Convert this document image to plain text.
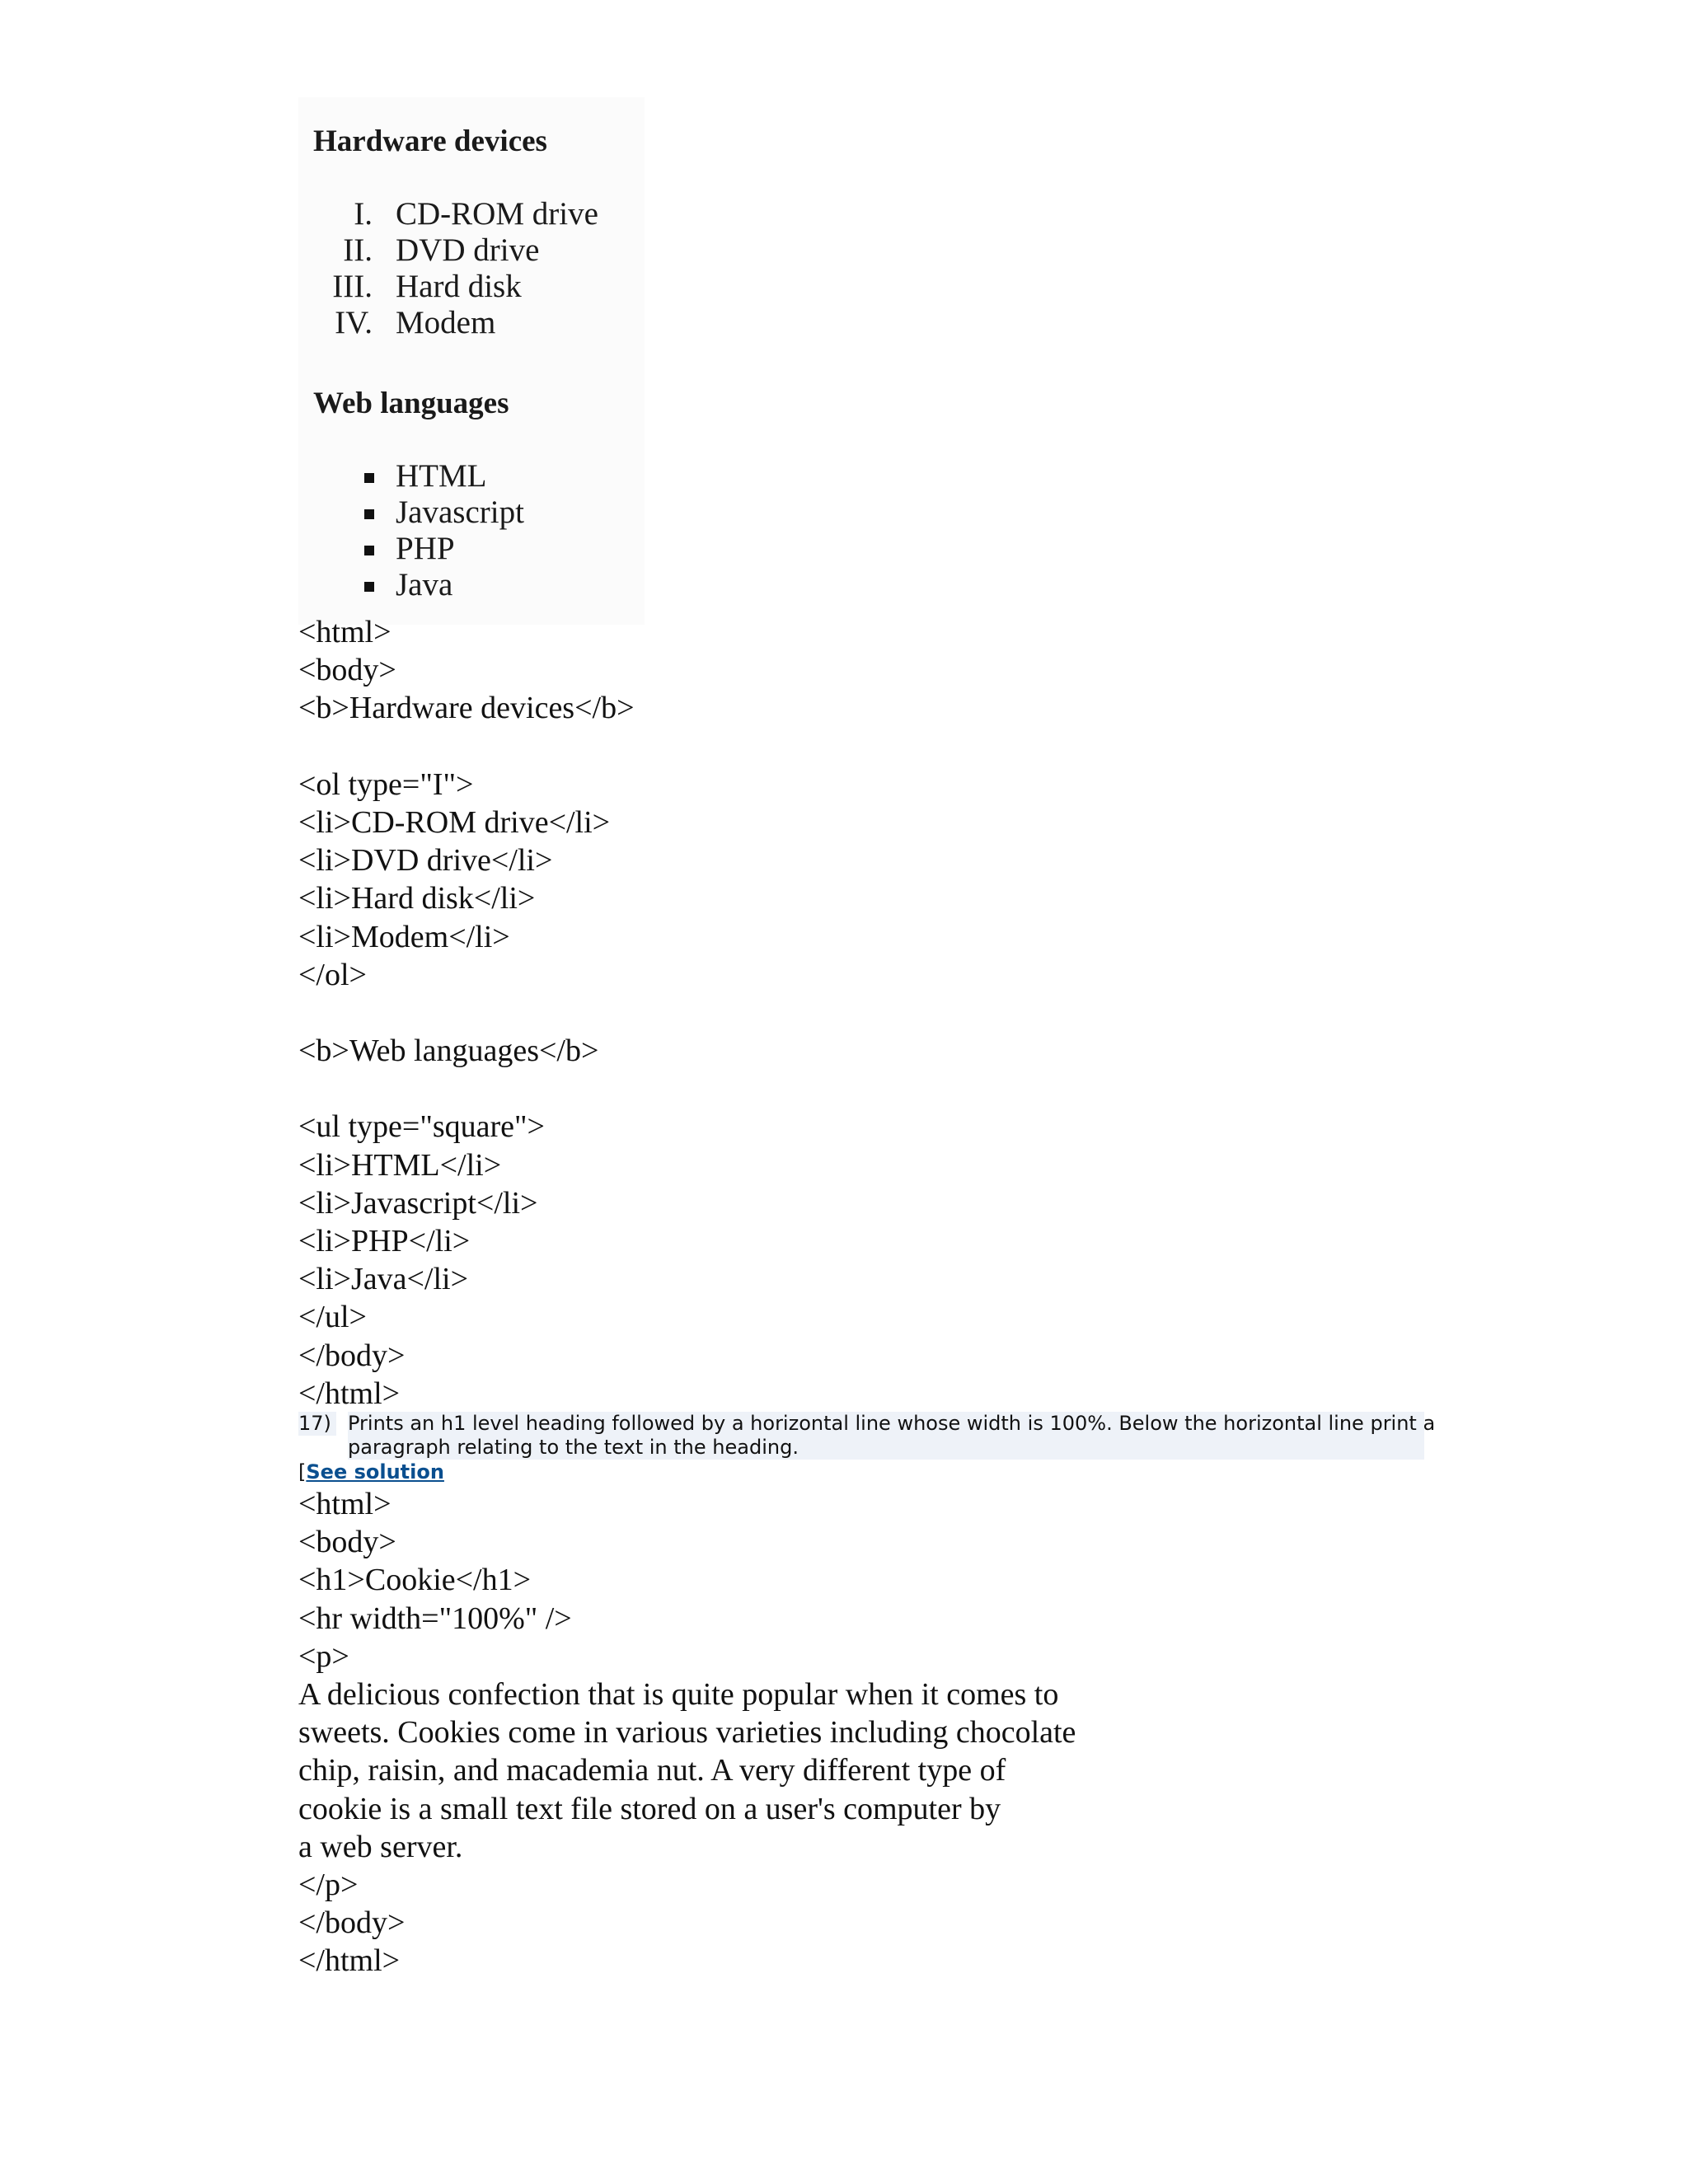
Hardware devices
I. CD-ROM drive
II. DVD drive
III. Hard disk
IV. Modem
Web languages
HTML
Javascript
PHP
Java
<html>
<body>
<b>Hardware devices</b>
<ol type="I">
<li>CD-ROM drive</li>
<li>DVD drive</li>
<li>Hard disk</li>
<li>Modem</li>
</ol>
<b>Web languages</b>
<ul type="square">
<li>HTML</li>
<li>Javascript</li>
<li>PHP</li>
<li>Java</li>
</ul>
</body>
</html>
17) Prints an h1 level heading followed by a horizontal line whose width is 100%. Below the horizontal line print a
paragraph relating to the text in the heading.
[See solution
<html>
<body>
<h1>Cookie</h1>
<hr width="100%" />
<p>
A delicious confection that is quite popular when it comes to
sweets. Cookies come in various varieties including chocolate
chip, raisin, and macademia nut. A very different type of
cookie is a small text file stored on a user's computer by
a web server.
</p>
</body>
</html>
